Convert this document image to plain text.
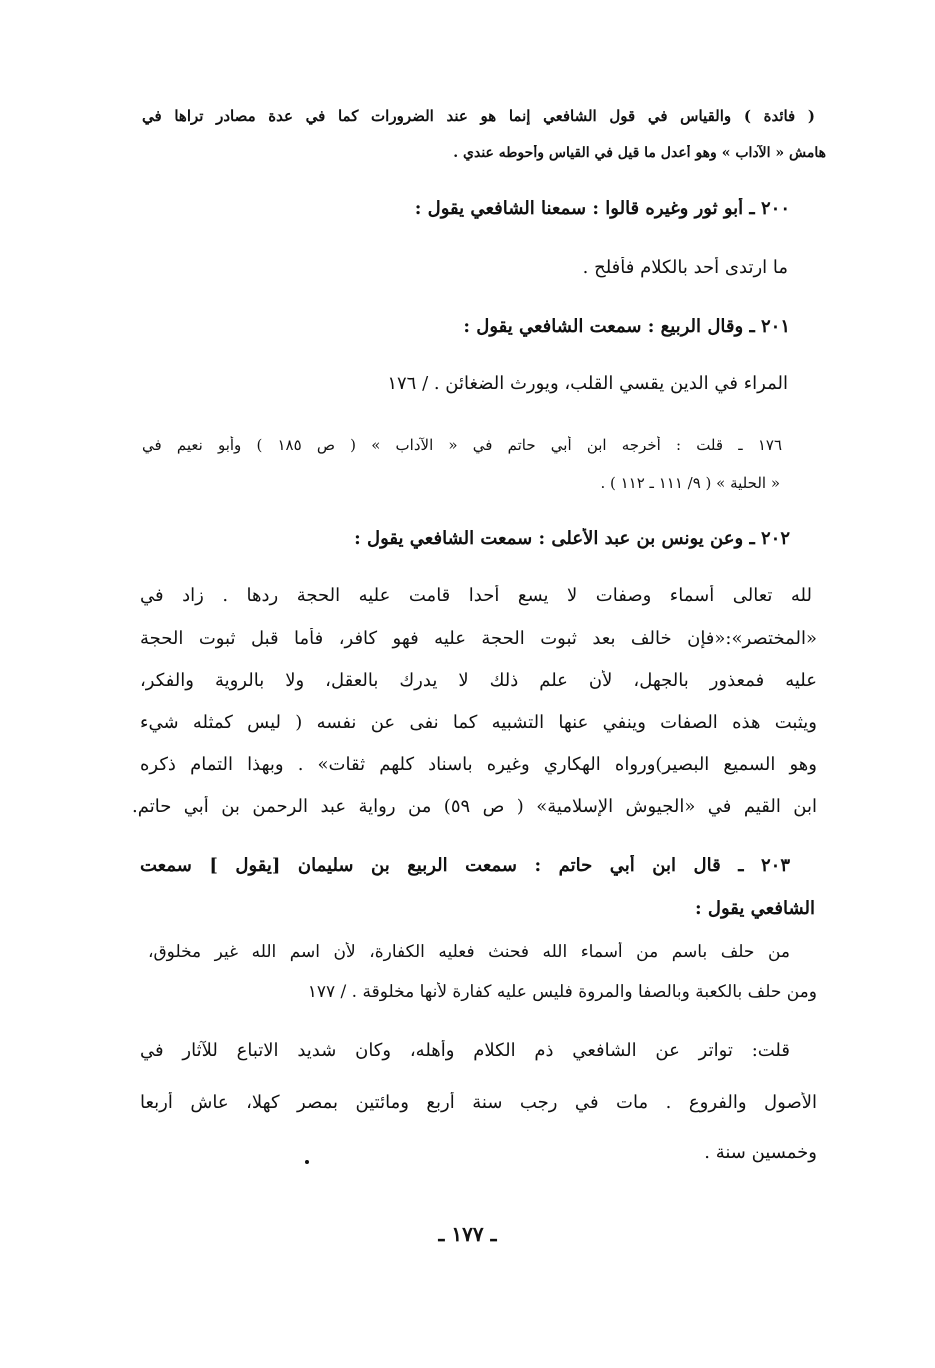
( فائدة ) والقياس في قول الشافعي إنما هو عند الضرورات كما في عدة مصادر تراها في
هامش « الآداب » وهو أعدل ما قيل في القياس وأحوطه عندي .
٢٠٠ ـ أبو ثور وغيره قالوا : سمعنا الشافعي يقول :
ما ارتدى أحد بالكلام فأفلح .
٢٠١ ـ وقال الربيع : سمعت الشافعي يقول :
المراء في الدين يقسي القلب، ويورث الضغائن . / ١٧٦
١٧٦ ـ قلت : أخرجه ابن أبي حاتم في « الآداب » ( ص ١٨٥ ) وأبو نعيم في
« الحلية » ( ٩/ ١١١ ـ ١١٢ ) .
٢٠٢ ـ وعن يونس بن عبد الأعلى : سمعت الشافعي يقول :
لله تعالى أسماء وصفات لا يسع أحدا قامت عليه الحجة ردها . زاد في
«المختصر»:«فإن خالف بعد ثبوت الحجة عليه فهو كافر، فأما قبل ثبوت الحجة
عليه فمعذور بالجهل، لأن علم ذلك لا يدرك بالعقل، ولا بالروية والفكر،
ويثبت هذه الصفات وينفي عنها التشبيه كما نفى عن نفسه ( ليس كمثله شيء
وهو السميع البصير)ورواه الهكاري وغيره باسناد كلهم ثقات» . وبهذا التمام ذكره
ابن القيم في «الجيوش الإسلامية» ( ص ٥٩) من رواية عبد الرحمن بن أبي حاتم.
٢٠٣ ـ قال ابن أبي حاتم : سمعت الربيع بن سليمان [يقول ] سمعت
الشافعي يقول :
من حلف باسم من أسماء الله فحنث فعليه الكفارة، لأن اسم الله غير مخلوق،
ومن حلف بالكعبة وبالصفا والمروة فليس عليه كفارة لأنها مخلوقة . / ١٧٧
قلت: تواتر عن الشافعي ذم الكلام وأهله، وكان شديد الاتباع للآثار في
الأصول والفروع . مات في رجب سنة أربع ومائتين بمصر كهلا، عاش أربعا
وخمسين سنة .
ـ ١٧٧ ـ
